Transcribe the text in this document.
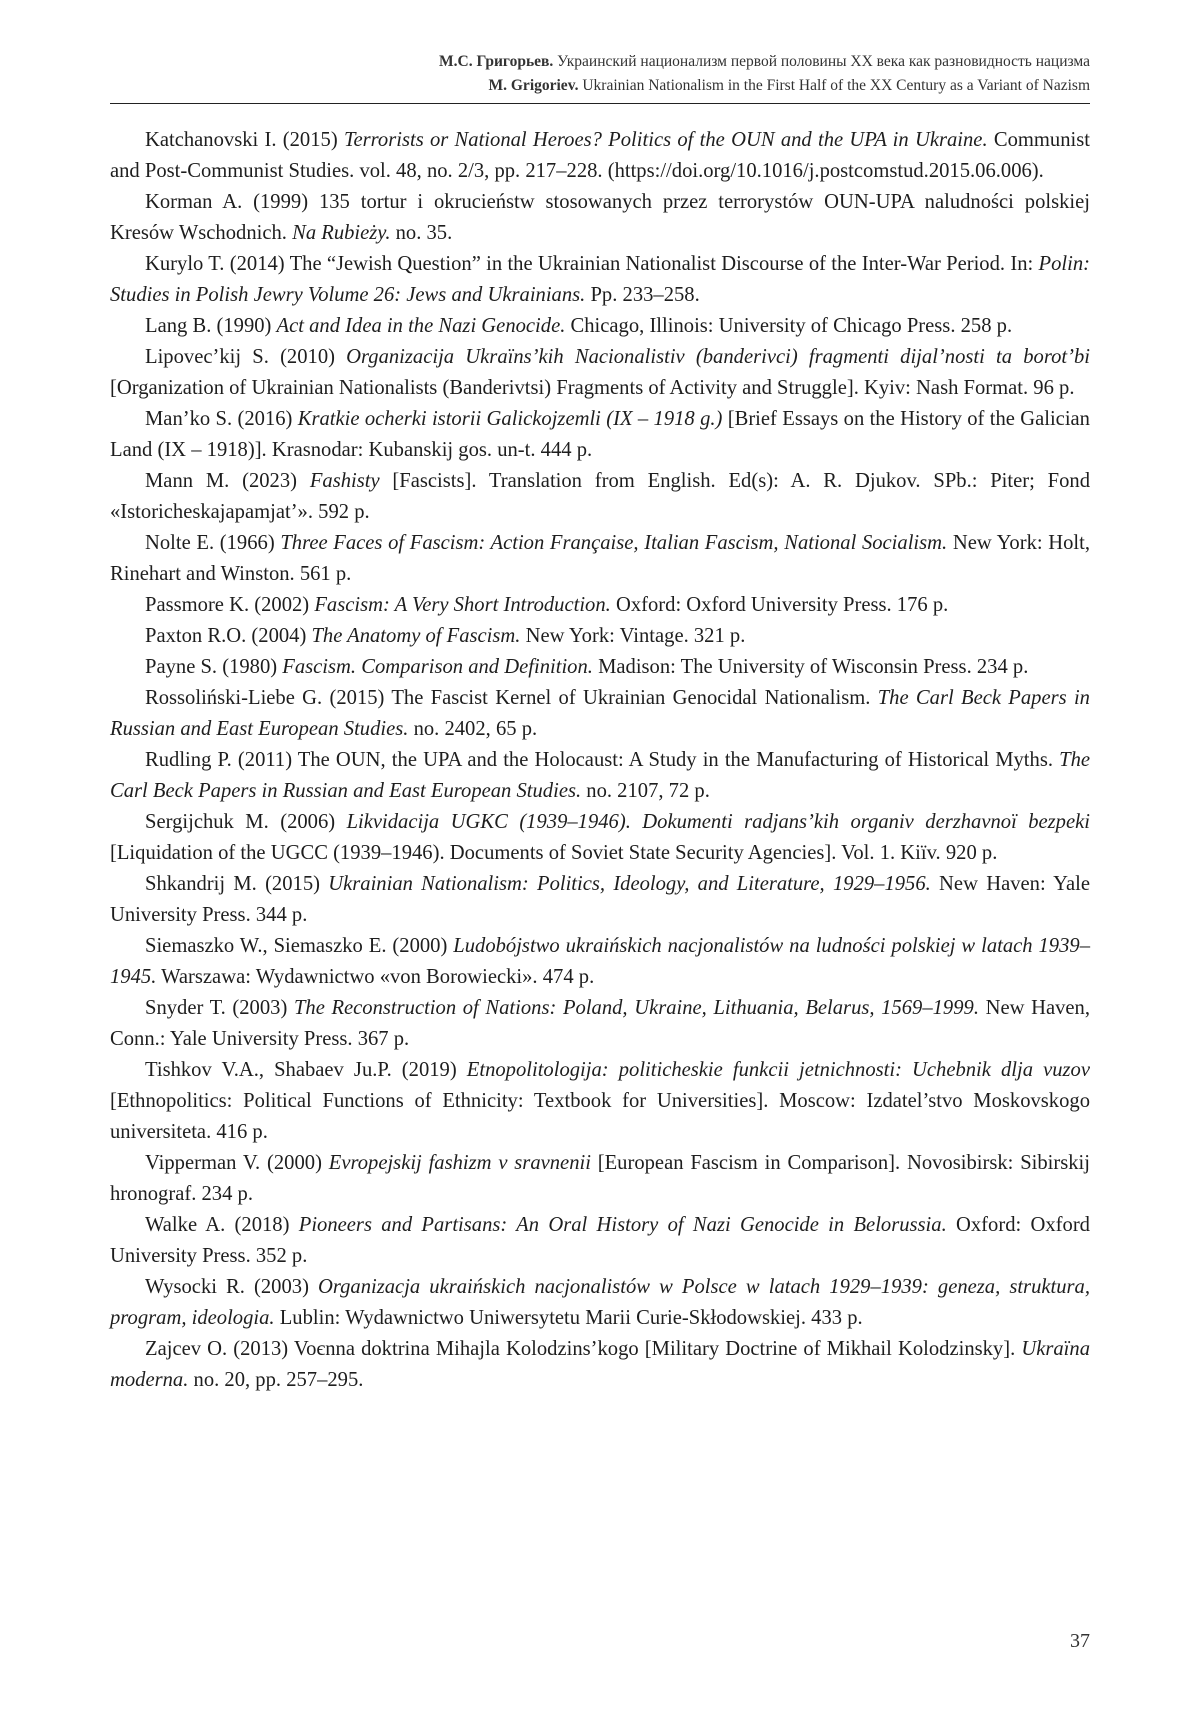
М.С. Григорьев. Украинский национализм первой половины XX века как разновидность нацизма
M. Grigoriev. Ukrainian Nationalism in the First Half of the XX Century as a Variant of Nazism

Katchanovski I. (2015) Terrorists or National Heroes? Politics of the OUN and the UPA in Ukraine. Communist and Post-Communist Studies. vol. 48, no. 2/3, pp. 217–228. (https://doi.org/10.1016/j.postcomstud.2015.06.006).

Korman A. (1999) 135 tortur i okrucieństw stosowanych przez terrorystów OUN-UPA naludności polskiej Kresów Wschodnich. Na Rubieży. no. 35.

Kurylo T. (2014) The “Jewish Question” in the Ukrainian Nationalist Discourse of the Inter-War Period. In: Polin: Studies in Polish Jewry Volume 26: Jews and Ukrainians. Pp. 233–258.

Lang B. (1990) Act and Idea in the Nazi Genocide. Chicago, Illinois: University of Chicago Press. 258 p.

Lipovec’kij S. (2010) Organizacija Ukraïns’kih Nacionalistiv (banderivci) fragmenti dijal’nosti ta borot’bi [Organization of Ukrainian Nationalists (Banderivtsi) Fragments of Activity and Struggle]. Kyiv: Nash Format. 96 p.

Man’ko S. (2016) Kratkie ocherki istorii Galickojzemli (IX – 1918 g.) [Brief Essays on the History of the Galician Land (IX – 1918)]. Krasnodar: Kubanskij gos. un-t. 444 p.

Mann M. (2023) Fashisty [Fascists]. Translation from English. Ed(s): A. R. Djukov. SPb.: Piter; Fond «Istoricheskajapamjat’». 592 p.

Nolte E. (1966) Three Faces of Fascism: Action Française, Italian Fascism, National Socialism. New York: Holt, Rinehart and Winston. 561 p.

Passmore K. (2002) Fascism: A Very Short Introduction. Oxford: Oxford University Press. 176 p.

Paxton R.O. (2004) The Anatomy of Fascism. New York: Vintage. 321 p.

Payne S. (1980) Fascism. Comparison and Definition. Madison: The University of Wisconsin Press. 234 p.

Rossoliński-Liebe G. (2015) The Fascist Kernel of Ukrainian Genocidal Nationalism. The Carl Beck Papers in Russian and East European Studies. no. 2402, 65 p.

Rudling P. (2011) The OUN, the UPA and the Holocaust: A Study in the Manufacturing of Historical Myths. The Carl Beck Papers in Russian and East European Studies. no. 2107, 72 p.

Sergijchuk M. (2006) Likvidacija UGKC (1939–1946). Dokumenti radjans’kih organiv derzhavnoï bezpeki [Liquidation of the UGCC (1939–1946). Documents of Soviet State Security Agencies]. Vol. 1. Kiïv. 920 p.

Shkandrij M. (2015) Ukrainian Nationalism: Politics, Ideology, and Literature, 1929–1956. New Haven: Yale University Press. 344 p.

Siemaszko W., Siemaszko E. (2000) Ludobójstwo ukraińskich nacjonalistów na ludności polskiej w latach 1939–1945. Warszawa: Wydawnictwo «von Borowiecki». 474 p.

Snyder T. (2003) The Reconstruction of Nations: Poland, Ukraine, Lithuania, Belarus, 1569–1999. New Haven, Conn.: Yale University Press. 367 p.

Tishkov V.A., Shabaev Ju.P. (2019) Etnopolitologija: politicheskie funkcii jetnichnosti: Uchebnik dlja vuzov [Ethnopolitics: Political Functions of Ethnicity: Textbook for Universities]. Moscow: Izdatel’stvo Moskovskogo universiteta. 416 p.

Vipperman V. (2000) Evropejskij fashizm v sravnenii [European Fascism in Comparison]. Novosibirsk: Sibirskij hronograf. 234 p.

Walke A. (2018) Pioneers and Partisans: An Oral History of Nazi Genocide in Belorussia. Oxford: Oxford University Press. 352 p.

Wysocki R. (2003) Organizacja ukraińskich nacjonalistów w Polsce w latach 1929–1939: geneza, struktura, program, ideologia. Lublin: Wydawnictwo Uniwersytetu Marii Curie-Skłodowskiej. 433 p.

Zajcev O. (2013) Voєnna doktrina Mihajla Kolodzins’kogo [Military Doctrine of Mikhail Kolodzinsky]. Ukraïna moderna. no. 20, pp. 257–295.

37
